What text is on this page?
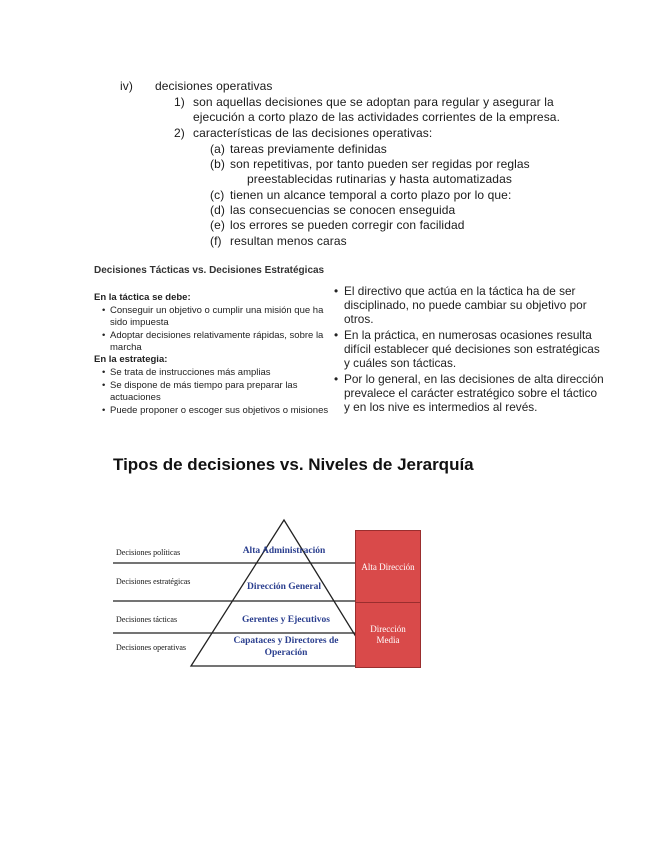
iv) decisiones operativas
1) son aquellas decisiones que se adoptan para regular y asegurar la
ejecución a corto plazo de las actividades corrientes de la empresa.
2) características de las decisiones operativas:
(a) tareas previamente definidas
(b) son repetitivas, por tanto pueden ser regidas por reglas
preestablecidas rutinarias y hasta automatizadas
(c) tienen un alcance temporal a corto plazo por lo que:
(d) las consecuencias se conocen enseguida
(e) los errores se pueden corregir con facilidad
(f) resultan menos caras
Decisiones Tácticas vs. Decisiones Estratégicas
En la táctica se debe:
• Conseguir un objetivo o cumplir una misión que ha
sido impuesta
• Adoptar decisiones relativamente rápidas, sobre la
marcha
En la estrategia:
• Se trata de instrucciones más amplias
• Se dispone de más tiempo para preparar las
actuaciones
• Puede proponer o escoger sus objetivos o misiones
• El directivo que actúa en la táctica ha de ser
disciplinado, no puede cambiar su objetivo por
otros.
• En la práctica, en numerosas ocasiones resulta
difícil establecer qué decisiones son estratégicas
y cuáles son tácticas.
• Por lo general, en las decisiones de alta dirección
prevalece el carácter estratégico sobre el táctico
y en los nive es intermedios al revés.
Tipos de decisiones vs. Niveles de Jerarquía
Decisiones políticas
Decisiones estratégicas
Decisiones tácticas
Decisiones operativas
Alta Administración
Dirección General
Gerentes y Ejecutivos
Capataces y Directores de
Operación
Alta Dirección
Dirección
Media
